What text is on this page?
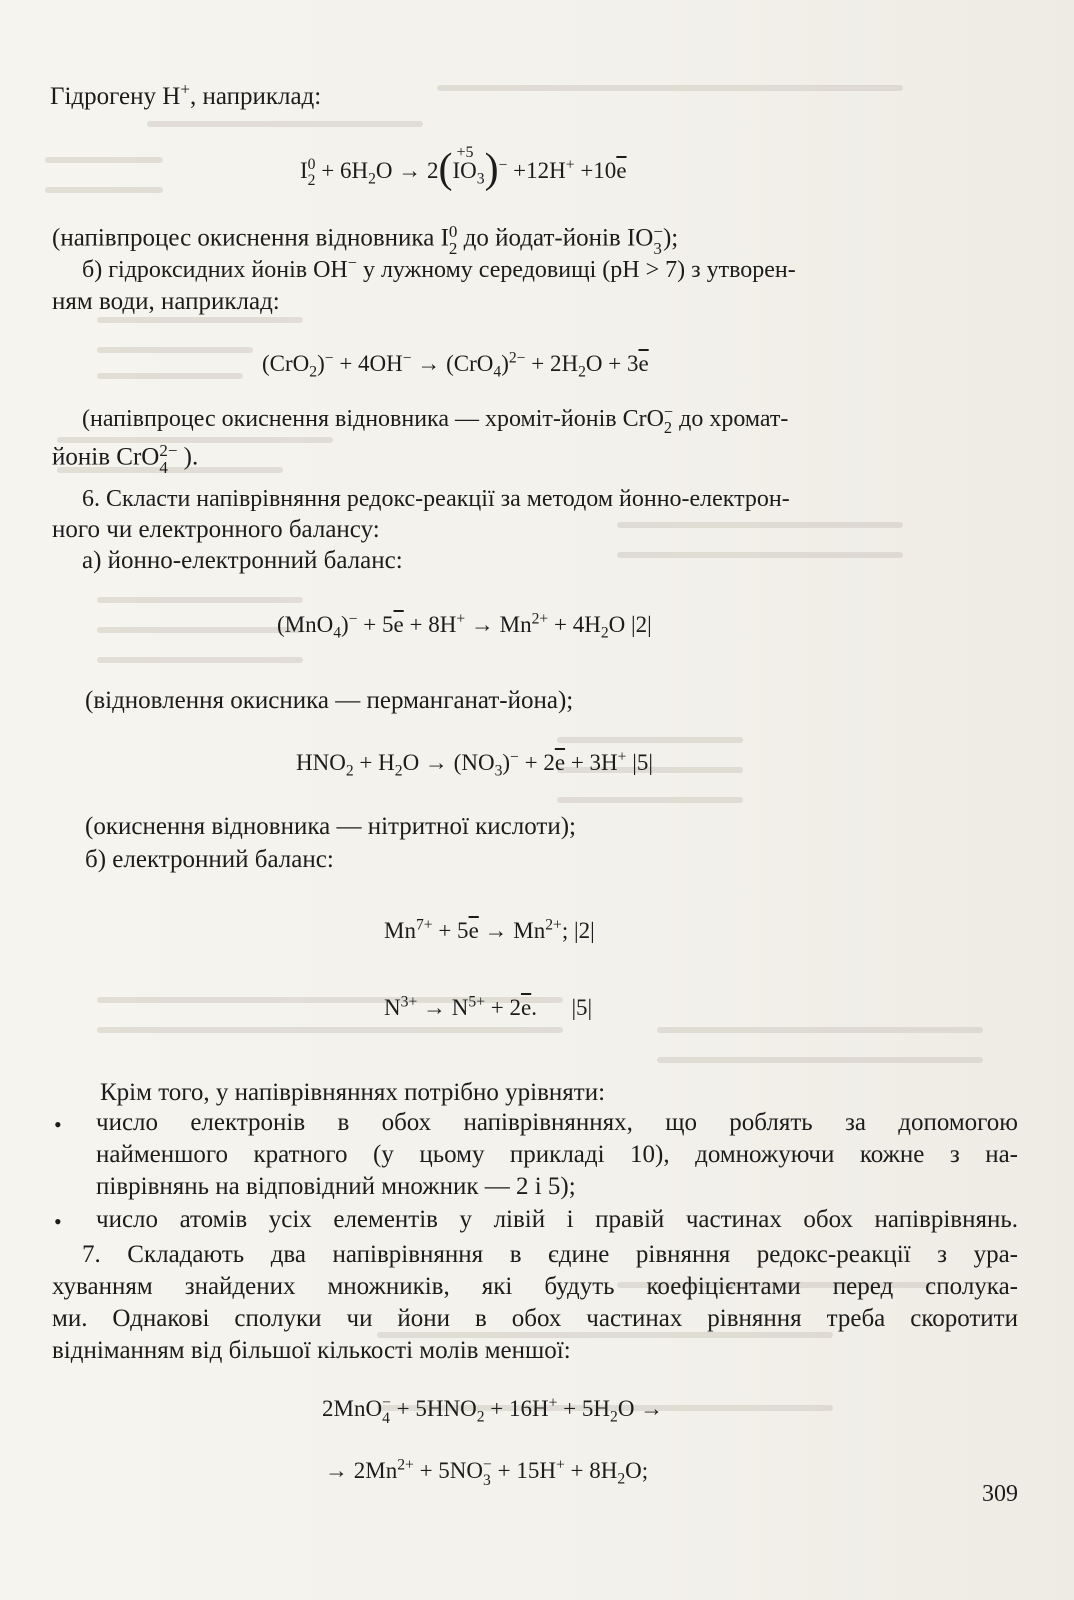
Гідрогену H+, наприклад:
I 0
$2 + 6H_2O \to 2( +5$
$IO_3)^- +12H^+ +10\overline{e}$
(напівпроцес окиснення відновника I 0
2 до йодат-йонів IO −
3 );
б) гідроксидних йонів OH− у лужному середовищі (pH > 7) з утворен-
ням води, наприклад:
$(CrO_2)^- + 4OH^- \to (CrO_4)^{2-} + 2H_2O + 3\overline{e}$
(напівпроцес окиснення відновника — хроміт-йонів CrO −
2 до хромат-
йонів CrO 2−
4 ).
6. Скласти напіврівняння редокс-реакції за методом йонно-електрон-
ного чи електронного балансу:
а) йонно-електронний баланс:
$(MnO_4)^- + 5\overline{e} + 8H^+ \to Mn^{2+} + 4H_2O$ |2|
(відновлення окисника — перманганат-йона);
$HNO_2 + H_2O \to (NO_3)^- + 2\overline{e} + 3H^+$ |5|
(окиснення відновника — нітритної кислоти);
б) електронний баланс:
$Mn^{7+} + 5\overline{e} \to Mn^{2+}$; |2|
$N^{3+} \to N^{5+} + 2\overline{e}$.      |5|
Крім того, у напіврівняннях потрібно урівняти:
• число електронів в обох напіврівняннях, що роблять за допомогою
найменшого кратного (у цьому прикладі 10), домножуючи кожне з на-
піврівнянь на відповідний множник — 2 і 5);
• число атомів усіх елементів у лівій і правій частинах обох напіврівнянь.
7. Складають два напіврівняння в єдине рівняння редокс-реакції з ура-
хуванням знайдених множників, які будуть коефіцієнтами перед сполука-
ми. Однакові сполуки чи йони в обох частинах рівняння треба скоротити
відніманням від більшої кількості молів меншої:
2MnO −
$4 + 5HNO_2 + 16H^+ + 5H_2O$ →
→ $2Mn^{2+} + 5NO$ −
$3 + 15H^+ + 8H_2O$;
309
